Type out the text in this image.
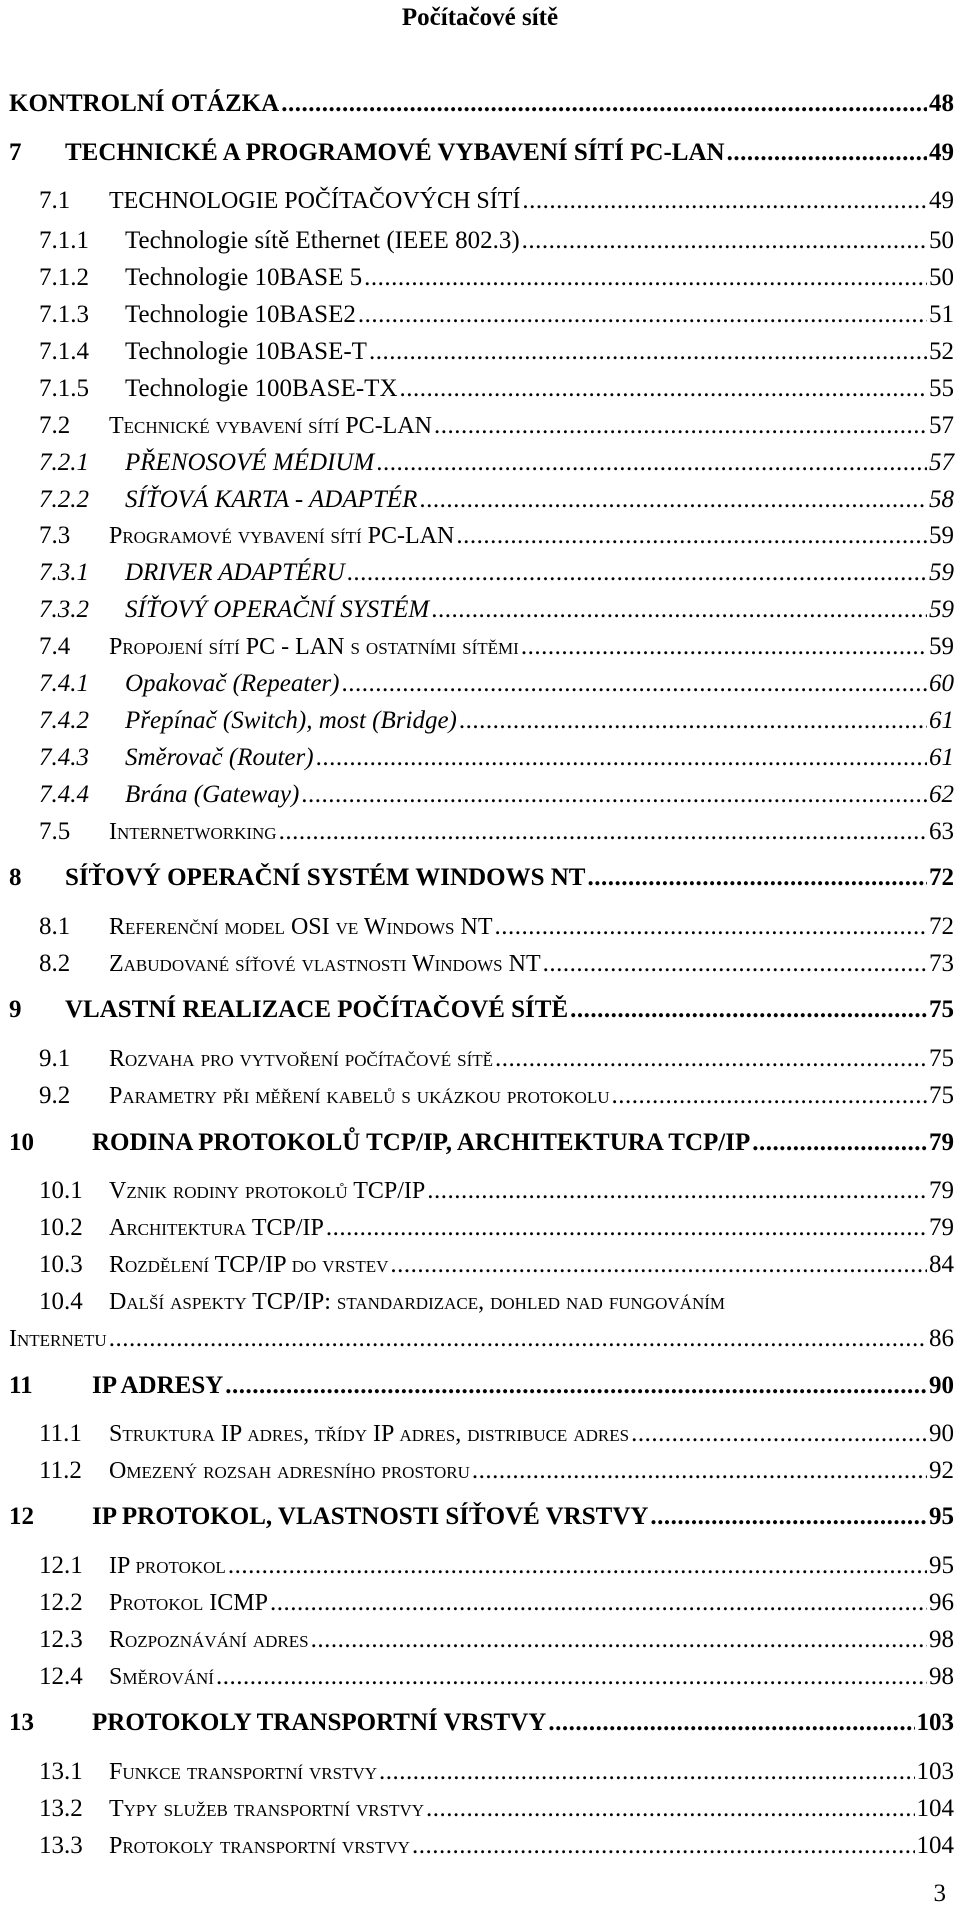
Počítačové sítě
KONTROLNÍ OTÁZKA .....	48
7	TECHNICKÉ A PROGRAMOVÉ VYBAVENÍ SÍTÍ PC-LAN .....	49
7.1	TECHNOLOGIE POČÍTAČOVÝCH SÍTÍ .....	49
7.1.1	Technologie sítě Ethernet (IEEE 802.3) .....	50
7.1.2	Technologie 10BASE 5 .....	50
7.1.3	Technologie 10BASE2 .....	51
7.1.4	Technologie 10BASE-T .....	52
7.1.5	Technologie 100BASE-TX .....	55
7.2	Technické vybavení sítí PC-LAN .....	57
7.2.1	PŘENOSOVÉ MÉDIUM .....	57
7.2.2	SÍŤOVÁ KARTA - ADAPTÉR .....	58
7.3	Programové vybavení sítí PC-LAN .....	59
7.3.1	DRIVER ADAPTÉRU .....	59
7.3.2	SÍŤOVÝ OPERAČNÍ SYSTÉM .....	59
7.4	Propojení sítí PC - LAN s ostatními sítěmi .....	59
7.4.1	Opakovač (Repeater) .....	60
7.4.2	Přepínač (Switch), most (Bridge) .....	61
7.4.3	Směrovač (Router) .....	61
7.4.4	Brána (Gateway) .....	62
7.5	Internetworking .....	63
8	SÍŤOVÝ OPERAČNÍ SYSTÉM WINDOWS NT .....	72
8.1	Referenční model OSI ve Windows NT .....	72
8.2	Zabudované síťové vlastnosti Windows NT .....	73
9	VLASTNÍ REALIZACE POČÍTAČOVÉ SÍTĚ .....	75
9.1	Rozvaha pro vytvoření počítačové sítě .....	75
9.2	Parametry při měření kabelů s ukázkou protokolu .....	75
10	RODINA PROTOKOLŮ TCP/IP, ARCHITEKTURA TCP/IP .....	79
10.1	Vznik rodiny protokolů TCP/IP .....	79
10.2	Architektura TCP/IP .....	79
10.3	Rozdělení TCP/IP do vrstev .....	84
10.4 Další aspekty TCP/IP: standardizace, dohled nad fungováním
Internetu .....	86
11	IP ADRESY .....	90
11.1	Struktura IP adres, třídy IP adres, distribuce adres .....	90
11.2	Omezený rozsah adresního prostoru .....	92
12	IP PROTOKOL, VLASTNOSTI SÍŤOVÉ VRSTVY .....	95
12.1	IP protokol .....	95
12.2	Protokol ICMP .....	96
12.3	Rozpoznávání adres .....	98
12.4	Směrování .....	98
13	PROTOKOLY TRANSPORTNÍ VRSTVY .....	103
13.1	Funkce transportní vrstvy .....	103
13.2	Typy služeb transportní vrstvy .....	104
13.3	Protokoly transportní vrstvy .....	104
3
